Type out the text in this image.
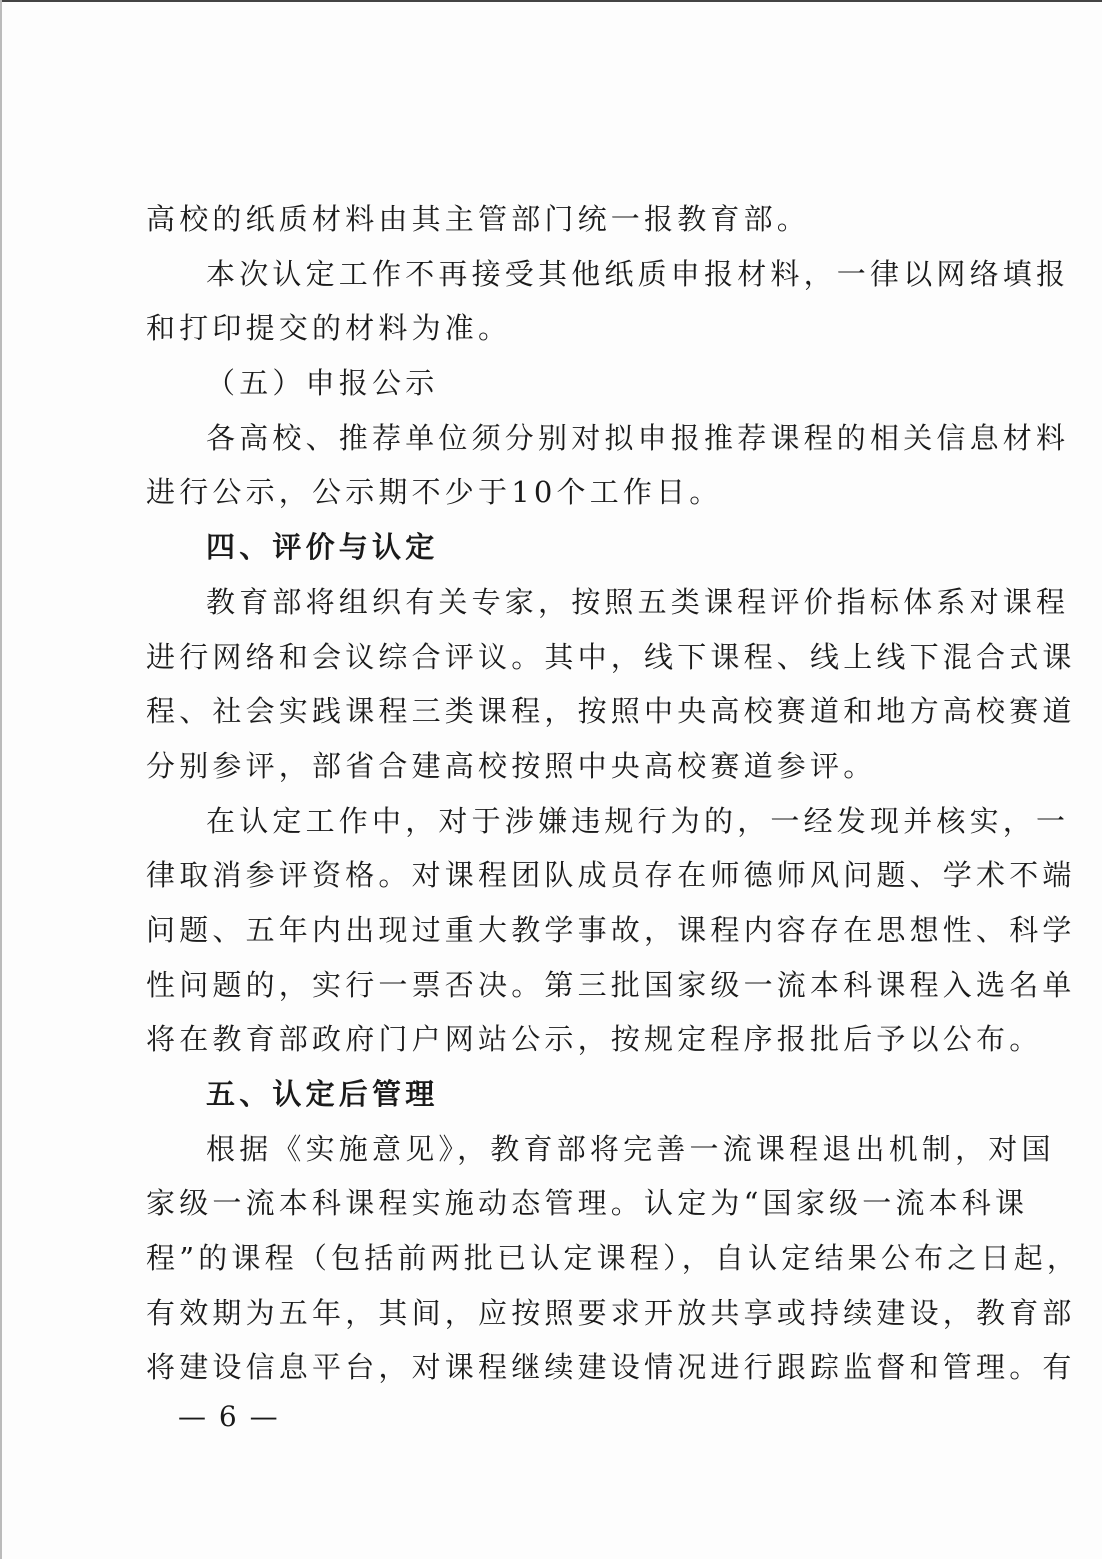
高校的纸质材料由其主管部门统一报教育部。
本次认定工作不再接受其他纸质申报材料，一律以网络填报
和打印提交的材料为准。
（五）申报公示
各高校、推荐单位须分别对拟申报推荐课程的相关信息材料
进行公示，公示期不少于10个工作日。
四、评价与认定
教育部将组织有关专家，按照五类课程评价指标体系对课程
进行网络和会议综合评议。其中，线下课程、线上线下混合式课
程、社会实践课程三类课程，按照中央高校赛道和地方高校赛道
分别参评，部省合建高校按照中央高校赛道参评。
在认定工作中，对于涉嫌违规行为的，一经发现并核实，一
律取消参评资格。对课程团队成员存在师德师风问题、学术不端
问题、五年内出现过重大教学事故，课程内容存在思想性、科学
性问题的，实行一票否决。第三批国家级一流本科课程入选名单
将在教育部政府门户网站公示，按规定程序报批后予以公布。
五、认定后管理
根据《实施意见》，教育部将完善一流课程退出机制，对国
家级一流本科课程实施动态管理。认定为“国家级一流本科课
程”的课程（包括前两批已认定课程），自认定结果公布之日起，
有效期为五年，其间，应按照要求开放共享或持续建设，教育部
将建设信息平台，对课程继续建设情况进行跟踪监督和管理。有
— 6 —
